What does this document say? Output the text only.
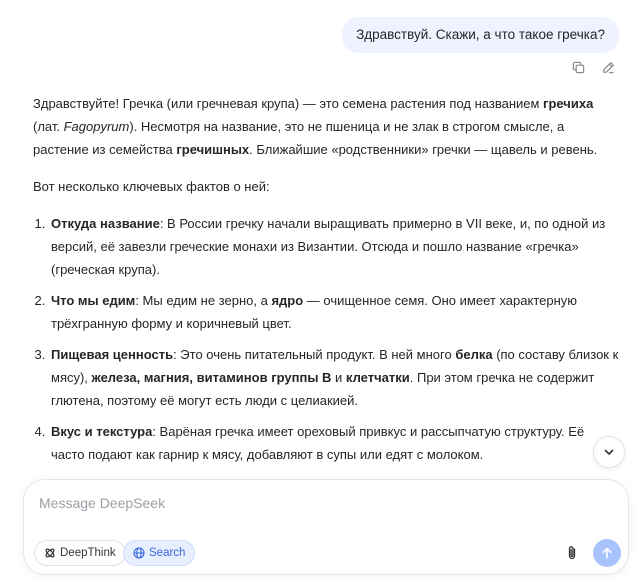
Здравствуй. Скажи, а что такое гречка?

Здравствуйте! Гречка (или гречневая крупа) — это семена растения под названием гречиха (лат. Fagopyrum). Несмотря на название, это не пшеница и не злак в строгом смысле, а растение из семейства гречишных. Ближайшие «родственники» гречки — щавель и ревень.

Вот несколько ключевых фактов о ней:

1. Откуда название: В России гречку начали выращивать примерно в VII веке, и, по одной из версий, её завезли греческие монахи из Византии. Отсюда и пошло название «гречка» (греческая крупа).
2. Что мы едим: Мы едим не зерно, а ядро — очищенное семя. Оно имеет характерную трёхгранную форму и коричневый цвет.
3. Пищевая ценность: Это очень питательный продукт. В ней много белка (по составу близок к мясу), железа, магния, витаминов группы В и клетчатки. При этом гречка не содержит глютена, поэтому её могут есть люди с целиакией.
4. Вкус и текстура: Варёная гречка имеет ореховый привкус и рассыпчатую структуру. Её часто подают как гарнир к мясу, добавляют в супы или едят с молоком.
5.
Message DeepSeek
DeepThink	Search
